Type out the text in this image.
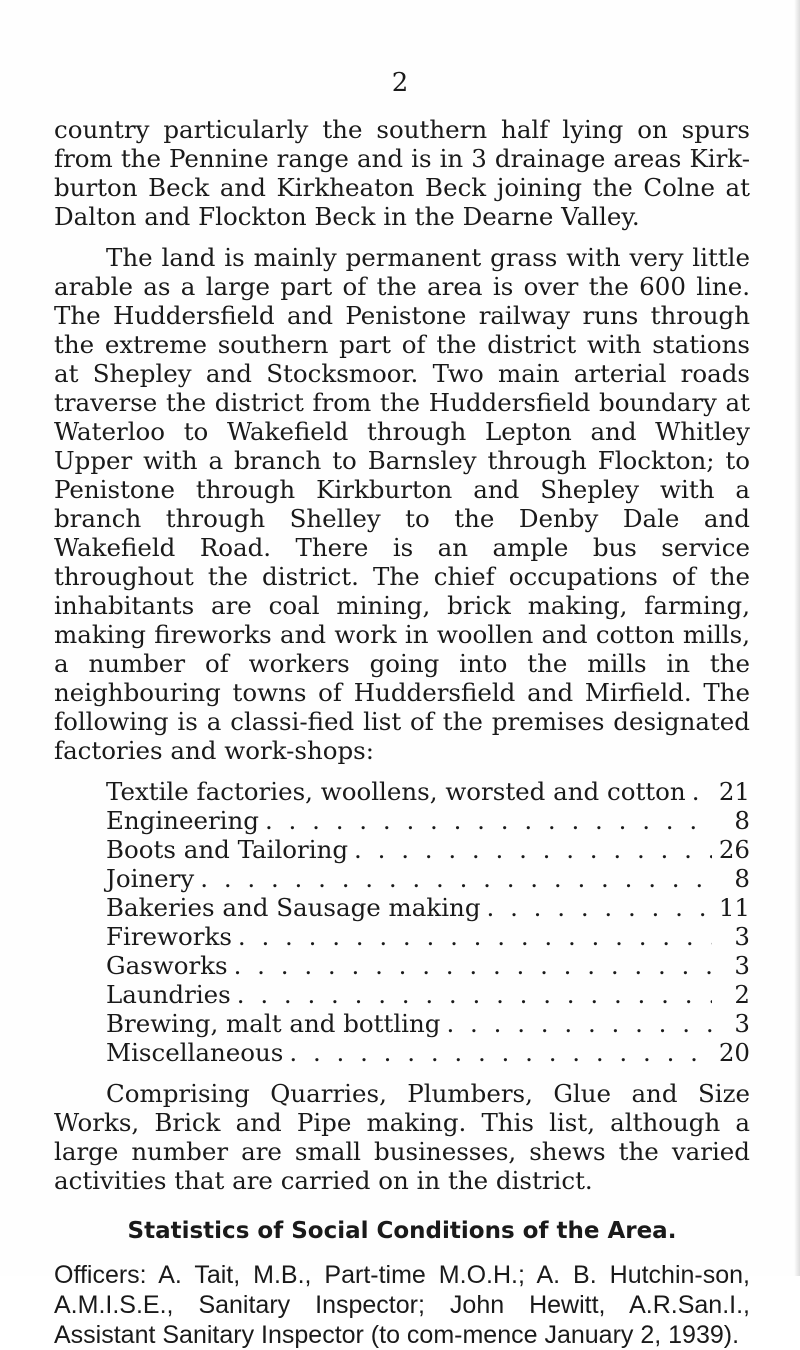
2

country particularly the southern half lying on spurs from the Pennine range and is in 3 drainage areas Kirk-burton Beck and Kirkheaton Beck joining the Colne at Dalton and Flockton Beck in the Dearne Valley.

The land is mainly permanent grass with very little arable as a large part of the area is over the 600 line. The Huddersfield and Penistone railway runs through the extreme southern part of the district with stations at Shepley and Stocksmoor. Two main arterial roads traverse the district from the Huddersfield boundary at Waterloo to Wakefield through Lepton and Whitley Upper with a branch to Barnsley through Flockton; to Penistone through Kirkburton and Shepley with a branch through Shelley to the Denby Dale and Wakefield Road. There is an ample bus service throughout the district. The chief occupations of the inhabitants are coal mining, brick making, farming, making fireworks and work in woollen and cotton mills, a number of workers going into the mills in the neighbouring towns of Huddersfield and Mirfield. The following is a classi-fied list of the premises designated factories and work-shops:

Textile factories, woollens, worsted and cotton . . . 21
Engineering . . .	8
Boots and Tailoring . . .	26
Joinery . . .	8
Bakeries and Sausage making . . .	11
Fireworks . . .	3
Gasworks . . .	3
Laundries . . .	2
Brewing, malt and bottling . . .	3
Miscellaneous . . .	20

Comprising Quarries, Plumbers, Glue and Size Works, Brick and Pipe making. This list, although a large number are small businesses, shews the varied activities that are carried on in the district.

Statistics of Social Conditions of the Area.

Officers: A. Tait, M.B., Part-time M.O.H.; A. B. Hutchin-son, A.M.I.S.E., Sanitary Inspector; John Hewitt, A.R.San.I., Assistant Sanitary Inspector (to com-mence January 2, 1939).
